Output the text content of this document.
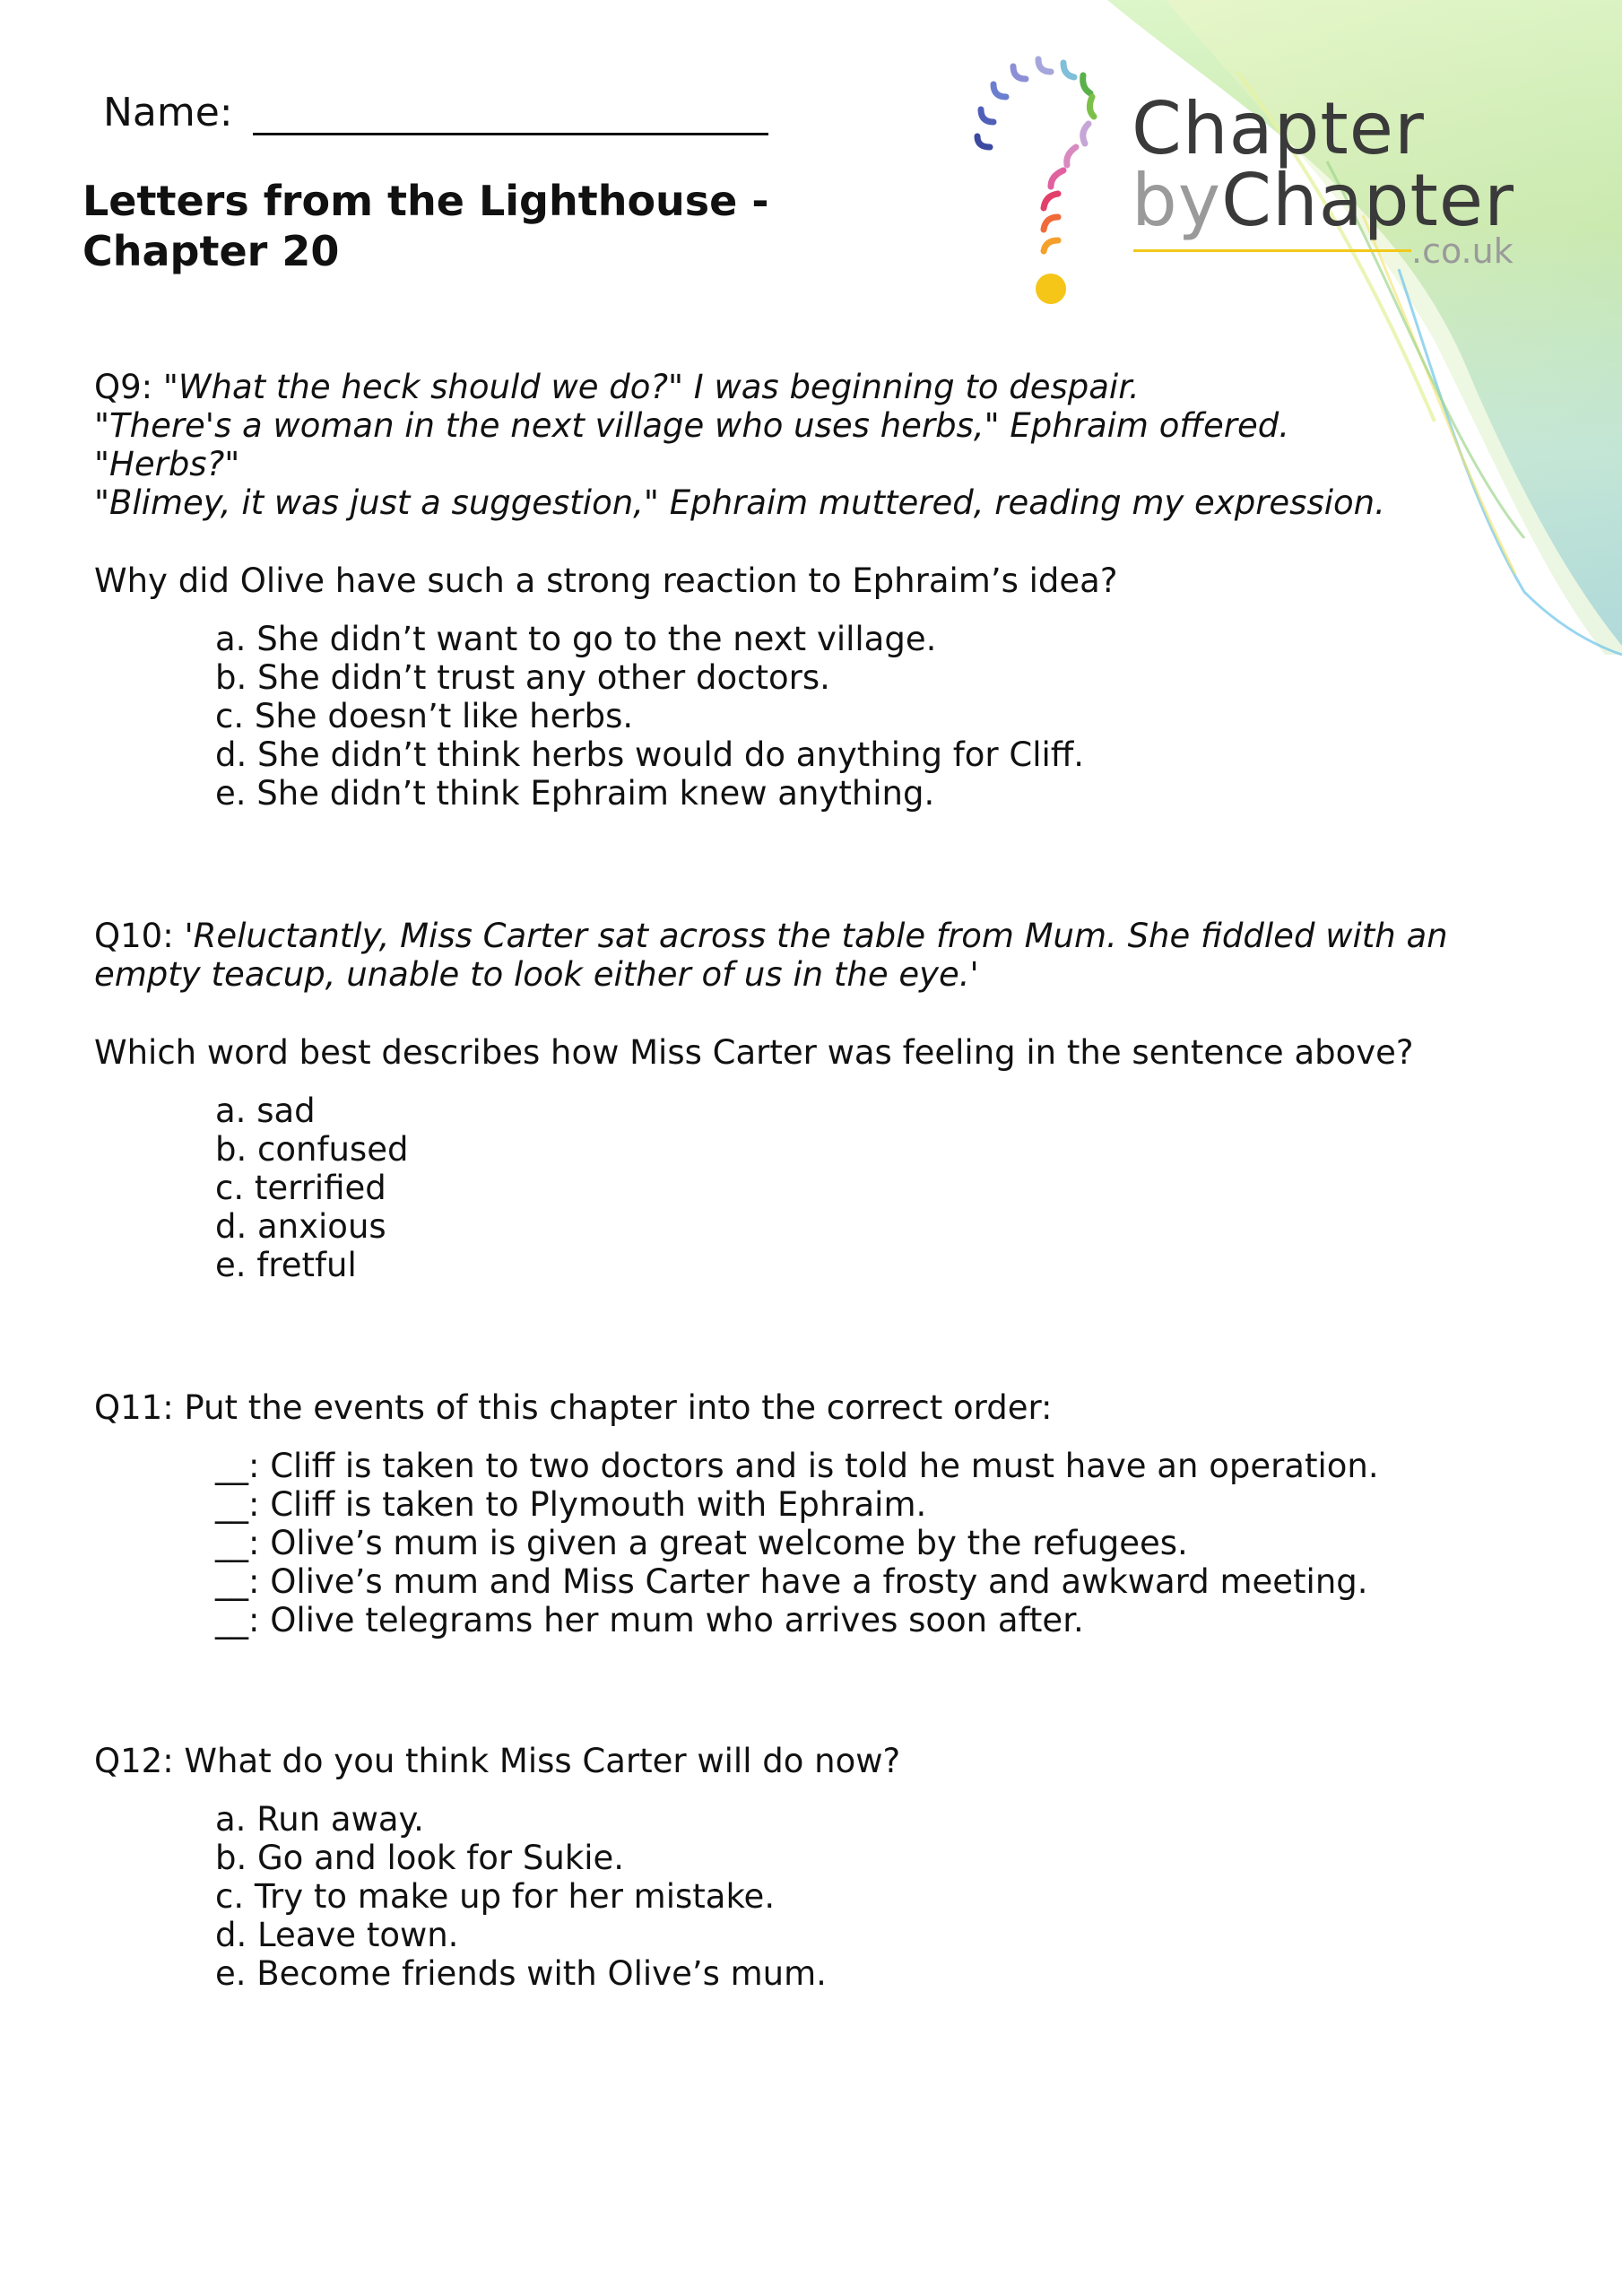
Name:
Letters from the Lighthouse -
Chapter 20
Chapter
byChapter
.co.uk

Q9: "What the heck should we do?" I was beginning to despair.

"There's a woman in the next village who uses herbs," Ephraim offered.

"Herbs?"

"Blimey, it was just a suggestion," Ephraim muttered, reading my expression.

Why did Olive have such a strong reaction to Ephraim’s idea?

a. She didn’t want to go to the next village.
b. She didn’t trust any other doctors.
c. She doesn’t like herbs.
d. She didn’t think herbs would do anything for Cliff.
e. She didn’t think Ephraim knew anything.

Q10: 'Reluctantly, Miss Carter sat across the table from Mum. She fiddled with an

empty teacup, unable to look either of us in the eye.'

Which word best describes how Miss Carter was feeling in the sentence above?

a. sad
b. confused
c. terrified
d. anxious
e. fretful

Q11: Put the events of this chapter into the correct order:

__: Cliff is taken to two doctors and is told he must have an operation.
__: Cliff is taken to Plymouth with Ephraim.
__: Olive’s mum is given a great welcome by the refugees.
__: Olive’s mum and Miss Carter have a frosty and awkward meeting.
__: Olive telegrams her mum who arrives soon after.

Q12: What do you think Miss Carter will do now?

a. Run away.
b. Go and look for Sukie.
c. Try to make up for her mistake.
d. Leave town.
e. Become friends with Olive’s mum.
